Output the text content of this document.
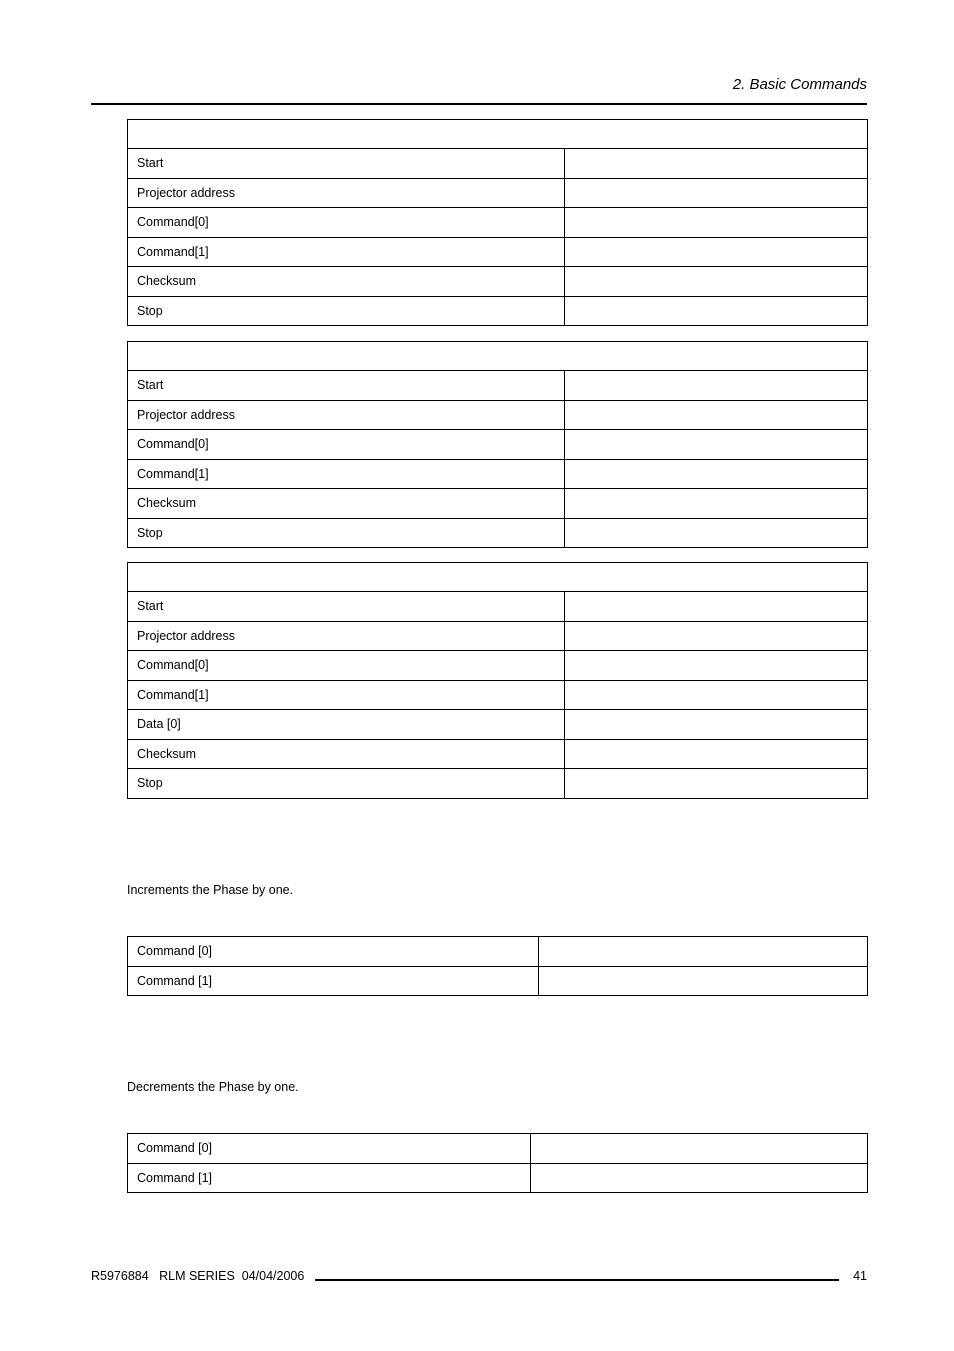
2. Basic Commands

Start	
Projector address	
Command[0]	
Command[1]	
Checksum	
Stop	

Start	
Projector address	
Command[0]	
Command[1]	
Checksum	
Stop	

Start	
Projector address	
Command[0]	
Command[1]	
Data [0]	
Checksum	
Stop	
Increments the Phase by one.
Command [0]	
Command [1]	
Decrements the Phase by one.
Command [0]	
Command [1]	
R5976884   RLM SERIES  04/04/2006	41
